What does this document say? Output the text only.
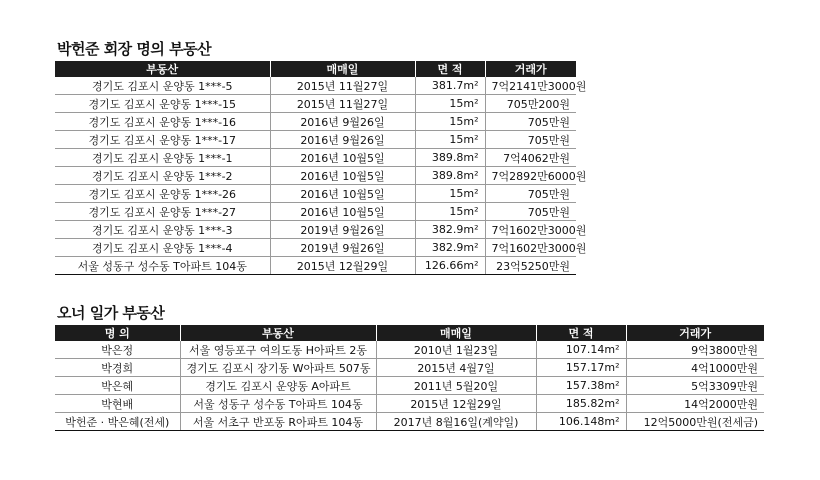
박헌준 회장 명의 부동산
부동산	매매일	면 적	거래가
경기도 김포시 운양동 1***-5	2015년 11월27일	381.7m²	7억2141만3000원
경기도 김포시 운양동 1***-15	2015년 11월27일	15m²	705만200원
경기도 김포시 운양동 1***-16	2016년 9월26일	15m²	705만원
경기도 김포시 운양동 1***-17	2016년 9월26일	15m²	705만원
경기도 김포시 운양동 1***-1	2016년 10월5일	389.8m²	7억4062만원
경기도 김포시 운양동 1***-2	2016년 10월5일	389.8m²	7억2892만6000원
경기도 김포시 운양동 1***-26	2016년 10월5일	15m²	705만원
경기도 김포시 운양동 1***-27	2016년 10월5일	15m²	705만원
경기도 김포시 운양동 1***-3	2019년 9월26일	382.9m²	7억1602만3000원
경기도 김포시 운양동 1***-4	2019년 9월26일	382.9m²	7억1602만3000원
서울 성동구 성수동 T아파트 104동	2015년 12월29일	126.66m²	23억5250만원
오너 일가 부동산
명 의	부동산	매매일	면 적	거래가
박은정	서울 영등포구 여의도동 H아파트 2동	2010년 1월23일	107.14m²	9억3800만원
박경희	경기도 김포시 장기동 W아파트 507동	2015년 4월7일	157.17m²	4억1000만원
박은혜	경기도 김포시 운양동 A아파트	2011년 5월20일	157.38m²	5억3309만원
박현배	서울 성동구 성수동 T아파트 104동	2015년 12월29일	185.82m²	14억2000만원
박헌준 · 박은혜(전세)	서울 서초구 반포동 R아파트 104동	2017년 8월16일(계약일)	106.148m²	12억5000만원(전세금)
